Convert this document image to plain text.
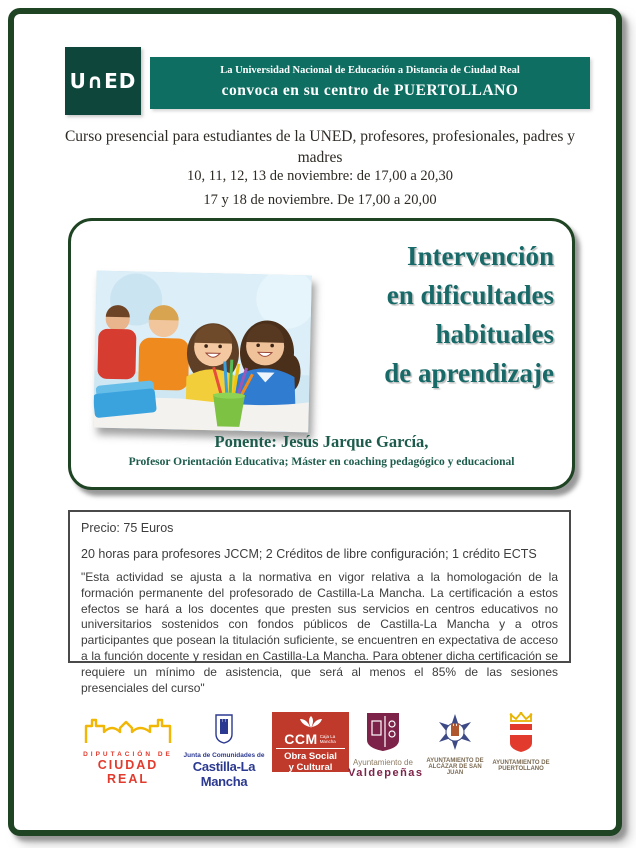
U∩ED	La Universidad Nacional de Educación a Distancia de Ciudad Real
convoca en su centro de PUERTOLLANO
Curso presencial para estudiantes de la UNED, profesores, profesionales, padres y madres
10, 11, 12, 13 de noviembre: de 17,00 a 20,30
17 y 18 de noviembre. De 17,00 a 20,00
Intervención
en dificultades
habituales
de aprendizaje
Ponente: Jesús Jarque García,
Profesor Orientación Educativa; Máster en coaching pedagógico y educacional
Precio: 75 Euros
20 horas para profesores JCCM; 2 Créditos de libre configuración; 1 crédito ECTS
"Esta actividad se ajusta a la normativa en vigor relativa a la homologación de la formación permanente del profesorado de Castilla-La Mancha. La certificación a estos efectos se hará a los docentes que presten sus servicios en centros educativos no universitarios sostenidos con fondos públicos de Castilla-La Mancha y a otros participantes que posean la titulación suficiente, se encuentren en expectativa de acceso a la función docente y residan en Castilla-La Mancha. Para obtener dicha certificación se requiere un mínimo de asistencia, que será al menos el 85% de las sesiones presenciales del curso"
DIPUTACIÓN DE
CIUDAD REAL
Junta de Comunidades de
Castilla-La Mancha
CCM Caja La Mancha
Obra Social
y Cultural	Ayuntamiento de
Valdepeñas
AYUNTAMIENTO DE
ALCÁZAR DE SAN JUAN
AYUNTAMIENTO DE
PUERTOLLANO
